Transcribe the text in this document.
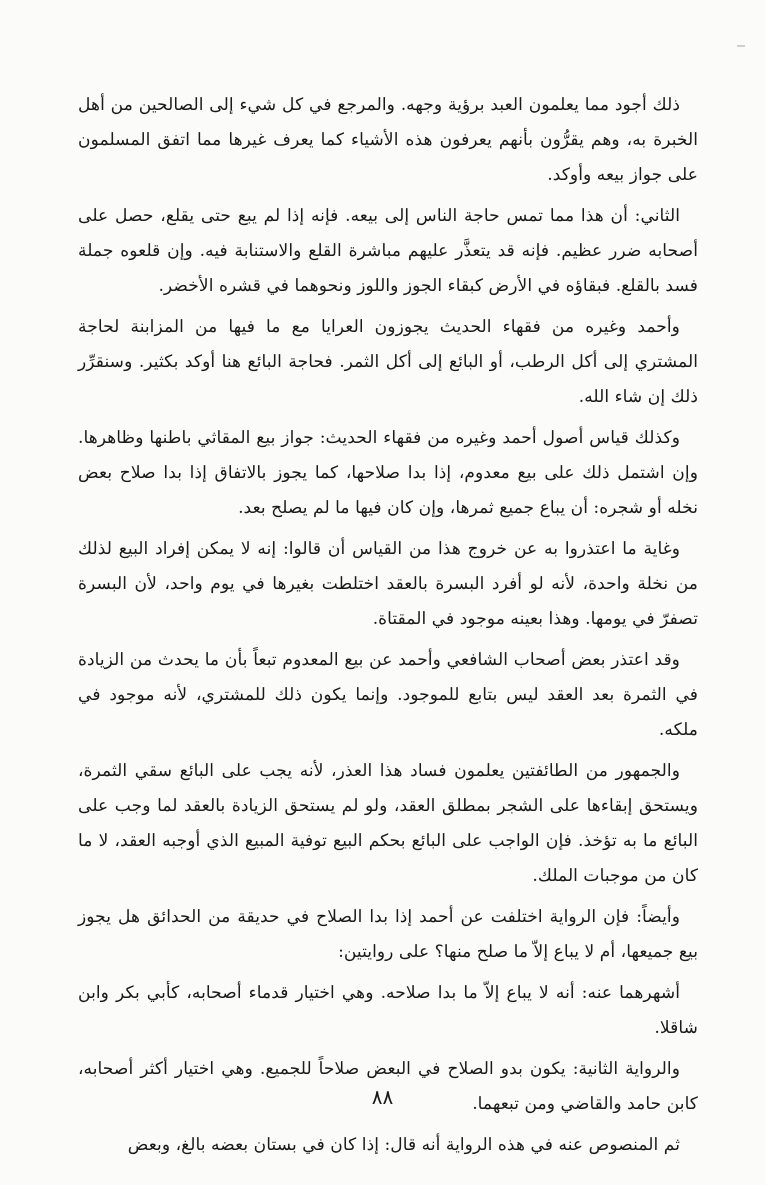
ذلك أجود مما يعلمون العبد برؤية وجهه. والمرجع في كل شيء إلى الصالحين من أهل الخبرة به، وهم يقرُّون بأنهم يعرفون هذه الأشياء كما يعرف غيرها مما اتفق المسلمون على جواز بيعه وأوكد.

الثاني: أن هذا مما تمس حاجة الناس إلى بيعه. فإنه إذا لم يبع حتى يقلع، حصل على أصحابه ضرر عظيم. فإنه قد يتعذَّر عليهم مباشرة القلع والاستنابة فيه. وإن قلعوه جملة فسد بالقلع. فبقاؤه في الأرض كبقاء الجوز واللوز ونحوهما في قشره الأخضر.

وأحمد وغيره من فقهاء الحديث يجوزون العرايا مع ما فيها من المزابنة لحاجة المشتري إلى أكل الرطب، أو البائع إلى أكل الثمر. فحاجة البائع هنا أوكد بكثير. وسنقرِّر ذلك إن شاء الله.

وكذلك قياس أصول أحمد وغيره من فقهاء الحديث: جواز بيع المقاثي باطنها وظاهرها. وإن اشتمل ذلك على بيع معدوم، إذا بدا صلاحها، كما يجوز بالاتفاق إذا بدا صلاح بعض نخله أو شجره: أن يباع جميع ثمرها، وإن كان فيها ما لم يصلح بعد.

وغاية ما اعتذروا به عن خروج هذا من القياس أن قالوا: إنه لا يمكن إفراد البيع لذلك من نخلة واحدة، لأنه لو أفرد البسرة بالعقد اختلطت بغيرها في يوم واحد، لأن البسرة تصفرّ في يومها. وهذا بعينه موجود في المقتاة.

وقد اعتذر بعض أصحاب الشافعي وأحمد عن بيع المعدوم تبعاً بأن ما يحدث من الزيادة في الثمرة بعد العقد ليس بتابع للموجود. وإنما يكون ذلك للمشتري، لأنه موجود في ملكه.

والجمهور من الطائفتين يعلمون فساد هذا العذر، لأنه يجب على البائع سقي الثمرة، ويستحق إبقاءها على الشجر بمطلق العقد، ولو لم يستحق الزيادة بالعقد لما وجب على البائع ما به تؤخذ. فإن الواجب على البائع بحكم البيع توفية المبيع الذي أوجبه العقد، لا ما كان من موجبات الملك.

وأيضاً: فإن الرواية اختلفت عن أحمد إذا بدا الصلاح في حديقة من الحدائق هل يجوز بيع جميعها، أم لا يباع إلاّ ما صلح منها؟ على روايتين:

أشهرهما عنه: أنه لا يباع إلاّ ما بدا صلاحه. وهي اختيار قدماء أصحابه، كأبي بكر وابن شاقلا.

والرواية الثانية: يكون بدو الصلاح في البعض صلاحاً للجميع. وهي اختيار أكثر أصحابه، كابن حامد والقاضي ومن تبعهما.

ثم المنصوص عنه في هذه الرواية أنه قال: إذا كان في بستان بعضه بالغ، وبعض

٨٨
